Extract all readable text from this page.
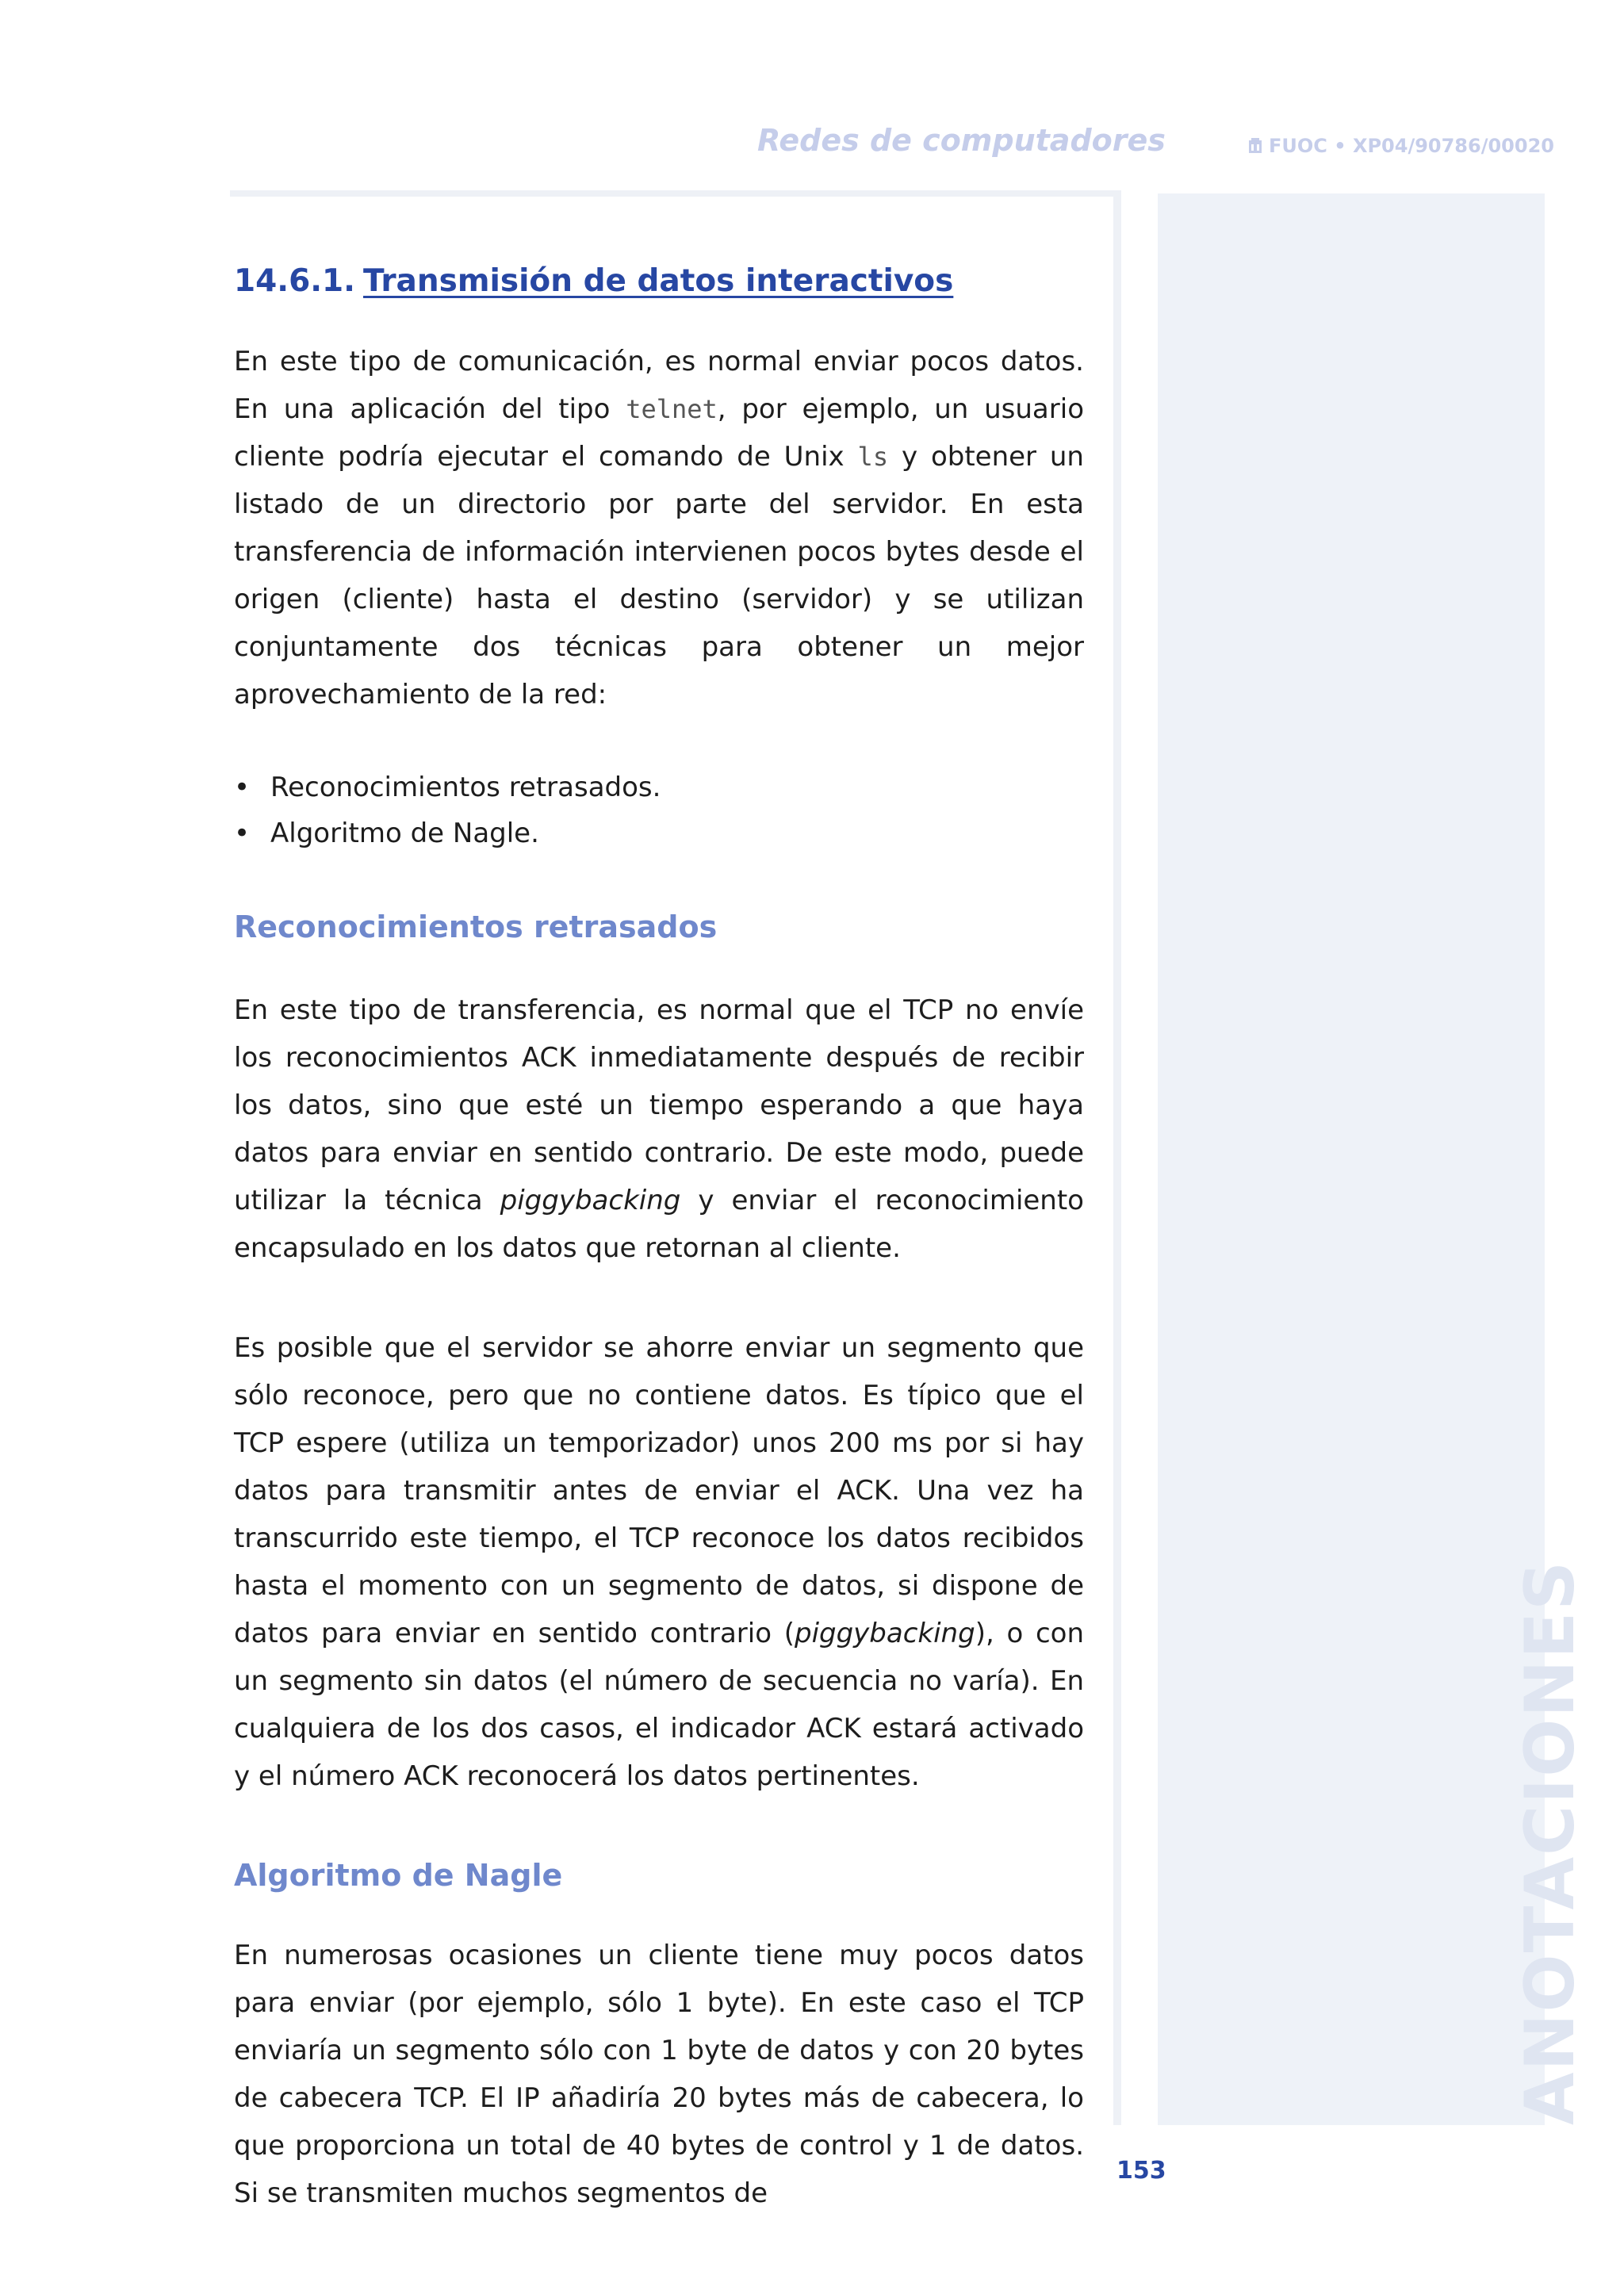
Redes de computadores	FUOC • XP04/90786/00020
ANOTACIONES
14.6.1. Transmisión de datos interactivos

En este tipo de comunicación, es normal enviar pocos datos. En una aplicación del tipo telnet, por ejemplo, un usuario cliente podría ejecutar el comando de Unix ls y obtener un listado de un directorio por parte del servidor. En esta transferencia de información intervienen pocos bytes desde el origen (cliente) hasta el destino (servidor) y se utilizan conjuntamente dos técnicas para obtener un mejor aprovechamiento de la red:

• Reconocimientos retrasados.
• Algoritmo de Nagle.
Reconocimientos retrasados

En este tipo de transferencia, es normal que el TCP no envíe los reconocimientos ACK inmediatamente después de recibir los datos, sino que esté un tiempo esperando a que haya datos para enviar en sentido contrario. De este modo, puede utilizar la técnica piggybacking y enviar el reconocimiento encapsulado en los datos que retornan al cliente.

Es posible que el servidor se ahorre enviar un segmento que sólo reconoce, pero que no contiene datos. Es típico que el TCP espere (utiliza un temporizador) unos 200 ms por si hay datos para transmitir antes de enviar el ACK. Una vez ha transcurrido este tiempo, el TCP reconoce los datos recibidos hasta el momento con un segmento de datos, si dispone de datos para enviar en sentido contrario (piggybacking), o con un segmento sin datos (el número de secuencia no varía). En cualquiera de los dos casos, el indicador ACK estará activado y el número ACK reconocerá los datos pertinentes.

Algoritmo de Nagle

En numerosas ocasiones un cliente tiene muy pocos datos para enviar (por ejemplo, sólo 1 byte). En este caso el TCP enviaría un segmento sólo con 1 byte de datos y con 20 bytes de cabecera TCP. El IP añadiría 20 bytes más de cabecera, lo que proporciona un total de 40 bytes de control y 1 de datos. Si se transmiten muchos segmentos de

153
